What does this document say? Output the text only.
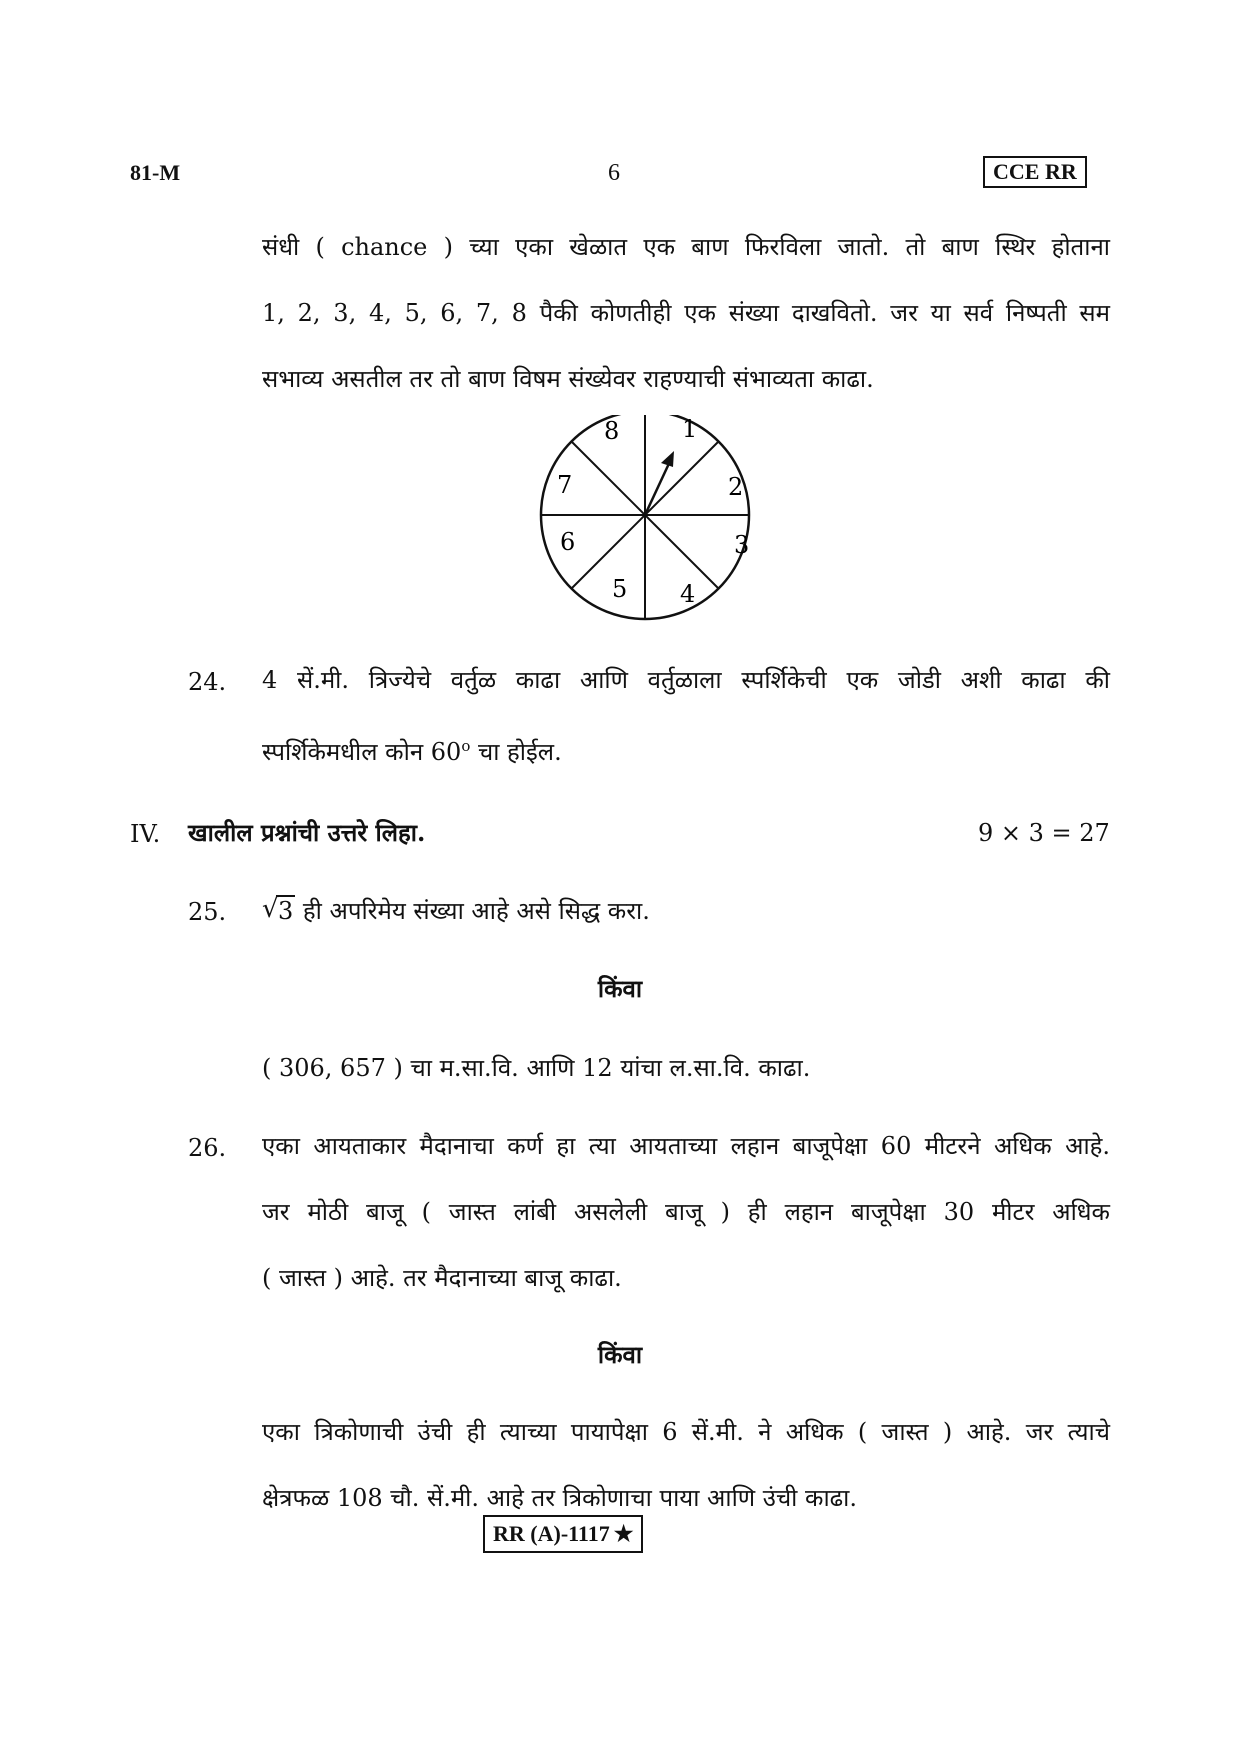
81-M	6	CCE RR
संधी ( chance ) च्या एका खेळात एक बाण फिरविला जातो. तो बाण स्थिर होताना
1, 2, 3, 4, 5, 6, 7, 8 पैकी कोणतीही एक संख्या दाखवितो. जर या सर्व निष्पती सम
सभाव्य असतील तर तो बाण विषम संख्येवर राहण्याची संभाव्यता काढा.
1
2
3
4
5
6
7
8
24. 4 सें.मी. त्रिज्येचे वर्तुळ काढा आणि वर्तुळाला स्पर्शिकेची एक जोडी अशी काढा की
स्पर्शिकेमधील कोन 60$^o$ चा होईल.
IV. खालील प्रश्नांची उत्तरे लिहा.	9 × 3 = 27
25. √ 3 ही अपरिमेय संख्या आहे असे सिद्ध करा.
किंवा
( 306, 657 ) चा म.सा.वि. आणि 12 यांचा ल.सा.वि. काढा.
26. एका आयताकार मैदानाचा कर्ण हा त्या आयताच्या लहान बाजूपेक्षा 60 मीटरने अधिक आहे.
जर मोठी बाजू ( जास्त लांबी असलेली बाजू ) ही लहान बाजूपेक्षा 30 मीटर अधिक
( जास्त ) आहे. तर मैदानाच्या बाजू काढा.
किंवा
एका त्रिकोणाची उंची ही त्याच्या पायापेक्षा 6 सें.मी. ने अधिक ( जास्त ) आहे. जर त्याचे
क्षेत्रफळ 108 चौ. सें.मी. आहे तर त्रिकोणाचा पाया आणि उंची काढा.
RR (A)-1117 ★
